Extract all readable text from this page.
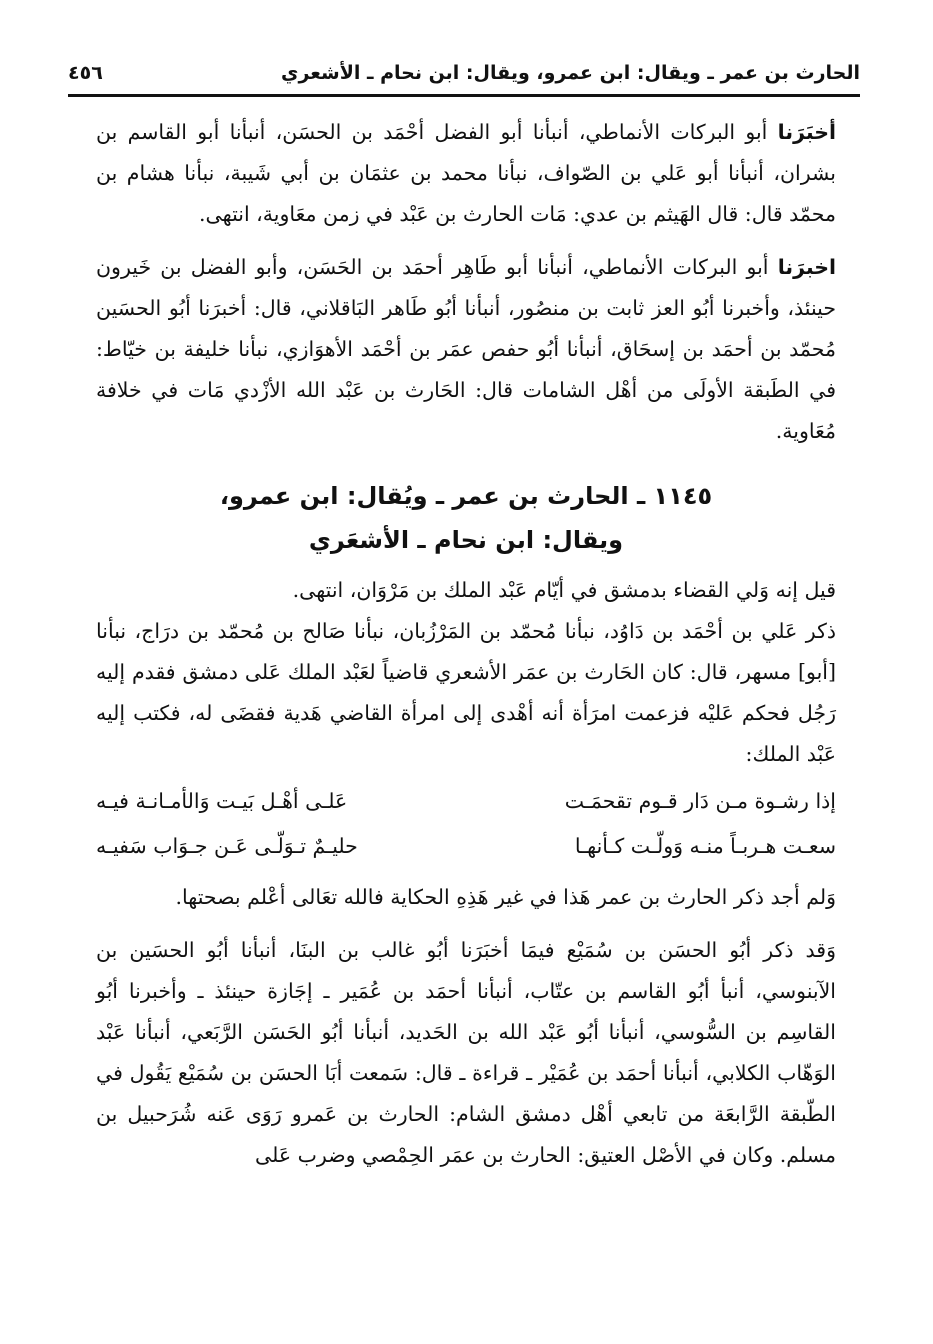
الحارث بن عمر ـ ويقال: ابن عمرو، ويقال: ابن نحام ـ الأشعري
٤٥٦

أخبَرَنا أبو البركات الأنماطي، أنبأنا أبو الفضل أحْمَد بن الحسَن، أنبأنا أبو القاسم بن بشران، أنبأنا أبو عَلي بن الصّواف، نبأنا محمد بن عثمَان بن أبي شَيبة، نبأنا هشام بن محمّد قال: قال الهَيثم بن عدي: مَات الحارث بن عَبْد في زمن معَاوية، انتهى.

اخبرَنا أبو البركات الأنماطي، أنبأنا أبو طَاهِر أحمَد بن الحَسَن، وأبو الفضل بن خَيرون حينئذ، وأخبرنا أبُو العز ثابت بن منصُور، أنبأنا أبُو طَاهر البَاقلاني، قال: أخبرَنا أبُو الحسَين مُحمّد بن أحمَد بن إسحَاق، أنبأنا أبُو حفص عمَر بن أحْمَد الأهوَازي، نبأنا خليفة بن خيّاط: في الطَبقة الأولَى من أهْل الشامات قال: الحَارث بن عَبْد الله الأزْدي مَات في خلافة مُعَاوية.

١١٤٥ ـ الحارث بن عمر ـ ويُقال: ابن عمرو،
ويقال: ابن نحام ـ الأشعَري

قيل إنه وَلي القضاء بدمشق في أيّام عَبْد الملك بن مَرْوَان، انتهى.

ذكر عَلي بن أحْمَد بن دَاوُد، نبأنا مُحمّد بن المَرْزُبان، نبأنا صَالح بن مُحمّد بن درَاج، نبأنا [أبو] مسهر، قال: كان الحَارث بن عمَر الأشعري قاضياً لعَبْد الملك عَلى دمشق فقدم إليه رَجُل فحكم عَليْه فزعمت امرَأة أنه أهْدى إلى امرأة القاضي هَدية فقضَى له، فكتب إليه عَبْد الملك:

إذا رشـوة مـن دَار قـوم تقحمَـت
عَلـى أهْـل بَيـت وَالأمـانـة فيـه
سعـت هـربـاً منـه وَولّـت كـأنهـا
حليـمٌ تـوَلّـى عَـن جـوَاب سَفيـه

وَلم أجد ذكر الحارث بن عمر هَذا في غير هَذِهِ الحكاية فالله تعَالى أعْلم بصحتها.

وَقد ذكر أبُو الحسَن بن سُمَيْع فيمَا أخبَرَنا أبُو غالب بن البنَا، أنبأنا أبُو الحسَين بن الآبنوسي، أنبأ أبُو القاسم بن عتّاب، أنبأنا أحمَد بن عُمَير ـ إجَازة حينئذ ـ وأخبرنا أبُو القاسِم بن السُّوسي، أنبأنا أبُو عَبْد الله بن الحَديد، أنبأنا أبُو الحَسَن الرَّبَعي، أنبأنا عَبْد الوَهّاب الكلابي، أنبأنا أحمَد بن عُمَيْر ـ قراءة ـ قال: سَمعت أبَا الحسَن بن سُمَيْع يَقُول في الطّبقة الرَّابعَة من تابعي أهْل دمشق الشام: الحارث بن عَمرو رَوَى عَنه شُرَحبيل بن مسلم. وكان في الأصْل العتيق: الحارث بن عمَر الحِمْصي وضرب عَلى
